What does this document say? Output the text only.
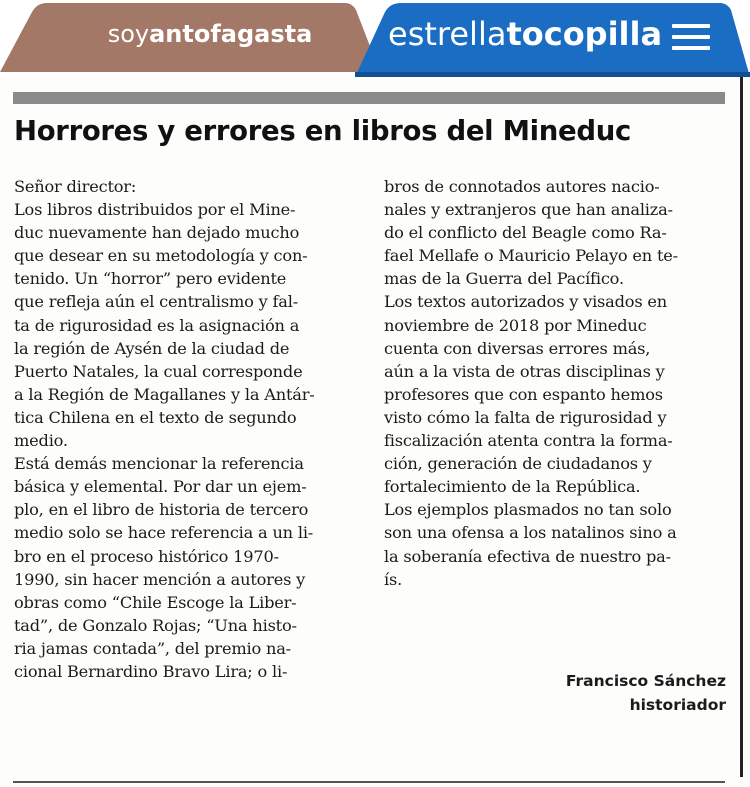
soy antofagasta estrella tocopilla
Horrores y errores en libros del Mineduc
Señor director:
Los libros distribuidos por el Mine-
duc nuevamente han dejado mucho
que desear en su metodología y con-
tenido. Un “horror” pero evidente
que refleja aún el centralismo y fal-
ta de rigurosidad es la asignación a
la región de Aysén de la ciudad de
Puerto Natales, la cual corresponde
a la Región de Magallanes y la Antár-
tica Chilena en el texto de segundo
medio.
Está demás mencionar la referencia
básica y elemental. Por dar un ejem-
plo, en el libro de historia de tercero
medio solo se hace referencia a un li-
bro en el proceso histórico 1970-
1990, sin hacer mención a autores y
obras como “Chile Escoge la Liber-
tad”, de Gonzalo Rojas; “Una histo-
ria jamas contada”, del premio na-
cional Bernardino Bravo Lira; o li-
bros de connotados autores nacio-
nales y extranjeros que han analiza-
do el conflicto del Beagle como Ra-
fael Mellafe o Mauricio Pelayo en te-
mas de la Guerra del Pacífico.
Los textos autorizados y visados en
noviembre de 2018 por Mineduc
cuenta con diversas errores más,
aún a la vista de otras disciplinas y
profesores que con espanto hemos
visto cómo la falta de rigurosidad y
fiscalización atenta contra la forma-
ción, generación de ciudadanos y
fortalecimiento de la República.
Los ejemplos plasmados no tan solo
son una ofensa a los natalinos sino a
la soberanía efectiva de nuestro pa-
ís.
Francisco Sánchez
historiador
